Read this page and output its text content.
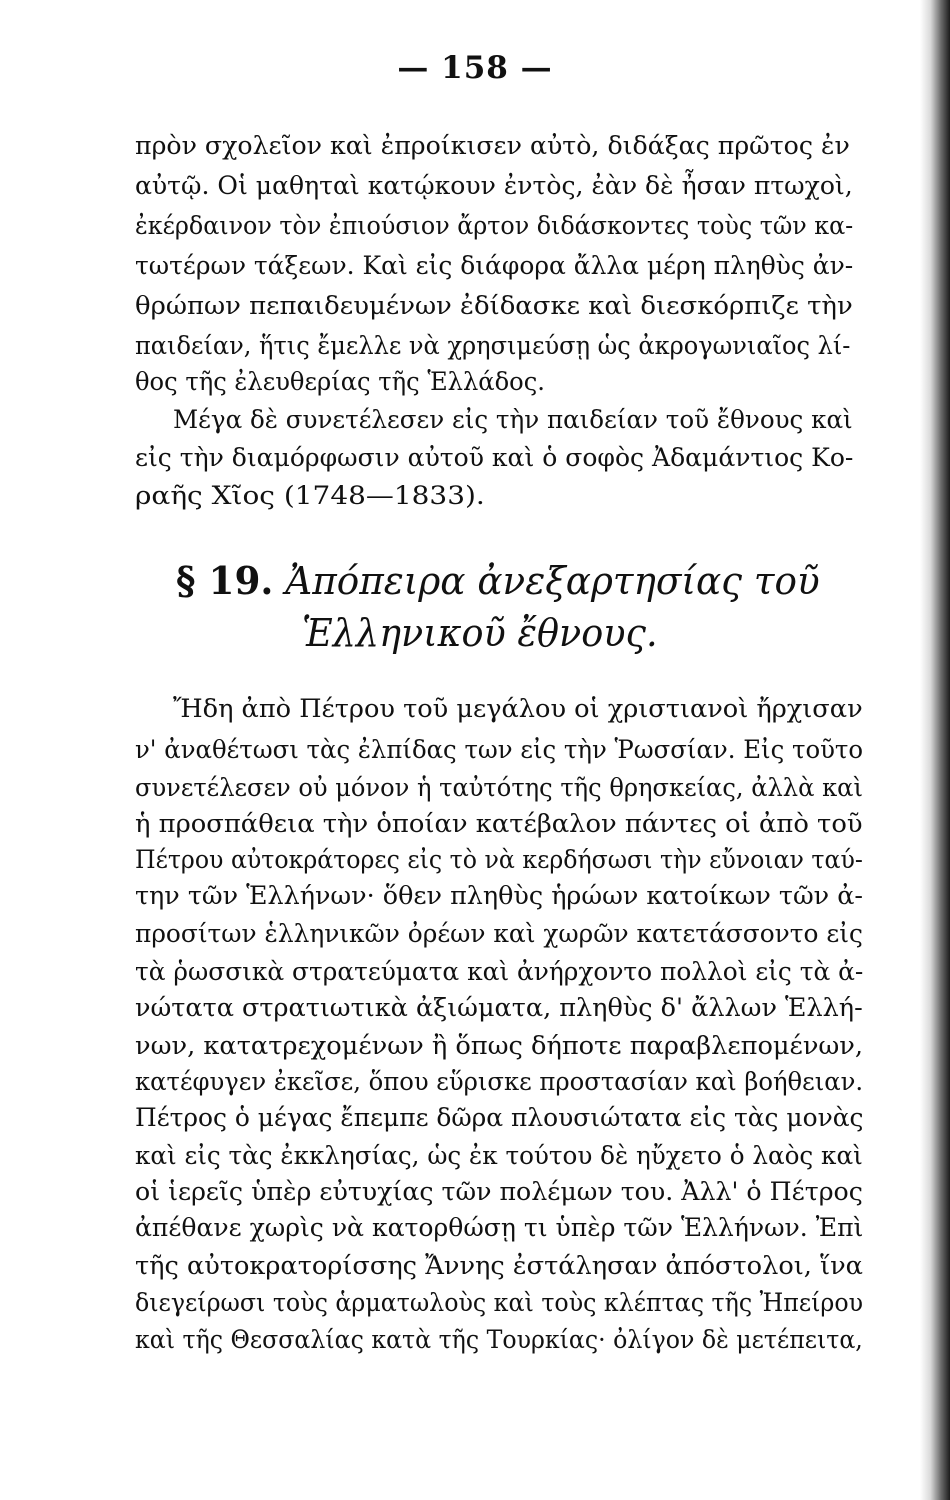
— 158 —
πρὸν σχολεῖον καὶ ἐπροίκισεν αὐτὸ, διδάξας πρῶτος ἐν
αὐτῷ. Οἱ μαθηταὶ κατῴκουν ἐντὸς, ἐὰν δὲ ἦσαν πτωχοὶ,
ἐκέρδαινον τὸν ἐπιούσιον ἄρτον διδάσκοντες τοὺς τῶν κα-
τωτέρων τάξεων. Καὶ εἰς διάφορα ἄλλα μέρη πληθὺς ἀν-
θρώπων πεπαιδευμένων ἐδίδασκε καὶ διεσκόρπιζε τὴν
παιδείαν, ἥτις ἔμελλε νὰ χρησιμεύσῃ ὡς ἀκρογωνιαῖος λί-
θος τῆς ἐλευθερίας τῆς Ἑλλάδος.
Μέγα δὲ συνετέλεσεν εἰς τὴν παιδείαν τοῦ ἔθνους καὶ
εἰς τὴν διαμόρφωσιν αὐτοῦ καὶ ὁ σοφὸς Ἀδαμάντιος Κο-
ραῆς Χῖος (1748—1833).
§ 19. Ἀπόπειρα ἀνεξαρτησίας τοῦ
Ἑλληνικοῦ ἔθνους.
Ἤδη ἀπὸ Πέτρου τοῦ μεγάλου οἱ χριστιανοὶ ἤρχισαν
ν' ἀναθέτωσι τὰς ἐλπίδας των εἰς τὴν Ῥωσσίαν. Εἰς τοῦτο
συνετέλεσεν οὐ μόνον ἡ ταὐτότης τῆς θρησκείας, ἀλλὰ καὶ
ἡ προσπάθεια τὴν ὁποίαν κατέβαλον πάντες οἱ ἀπὸ τοῦ
Πέτρου αὐτοκράτορες εἰς τὸ νὰ κερδήσωσι τὴν εὔνοιαν ταύ-
την τῶν Ἑλλήνων· ὅθεν πληθὺς ἡρώων κατοίκων τῶν ἀ-
προσίτων ἑλληνικῶν ὀρέων καὶ χωρῶν κατετάσσοντο εἰς
τὰ ῥωσσικὰ στρατεύματα καὶ ἀνήρχοντο πολλοὶ εἰς τὰ ἀ-
νώτατα στρατιωτικὰ ἀξιώματα, πληθὺς δ' ἄλλων Ἑλλή-
νων, κατατρεχομένων ἢ ὅπως δήποτε παραβλεπομένων,
κατέφυγεν ἐκεῖσε, ὅπου εὕρισκε προστασίαν καὶ βοήθειαν.
Πέτρος ὁ μέγας ἔπεμπε δῶρα πλουσιώτατα εἰς τὰς μονὰς
καὶ εἰς τὰς ἐκκλησίας, ὡς ἐκ τούτου δὲ ηὔχετο ὁ λαὸς καὶ
οἱ ἱερεῖς ὑπὲρ εὐτυχίας τῶν πολέμων του. Ἀλλ' ὁ Πέτρος
ἀπέθανε χωρὶς νὰ κατορθώσῃ τι ὑπὲρ τῶν Ἑλλήνων. Ἐπὶ
τῆς αὐτοκρατορίσσης Ἄννης ἐστάλησαν ἀπόστολοι, ἵνα
διεγείρωσι τοὺς ἁρματωλοὺς καὶ τοὺς κλέπτας τῆς Ἠπείρου
καὶ τῆς Θεσσαλίας κατὰ τῆς Τουρκίας· ὀλίγον δὲ μετέπειτα,
